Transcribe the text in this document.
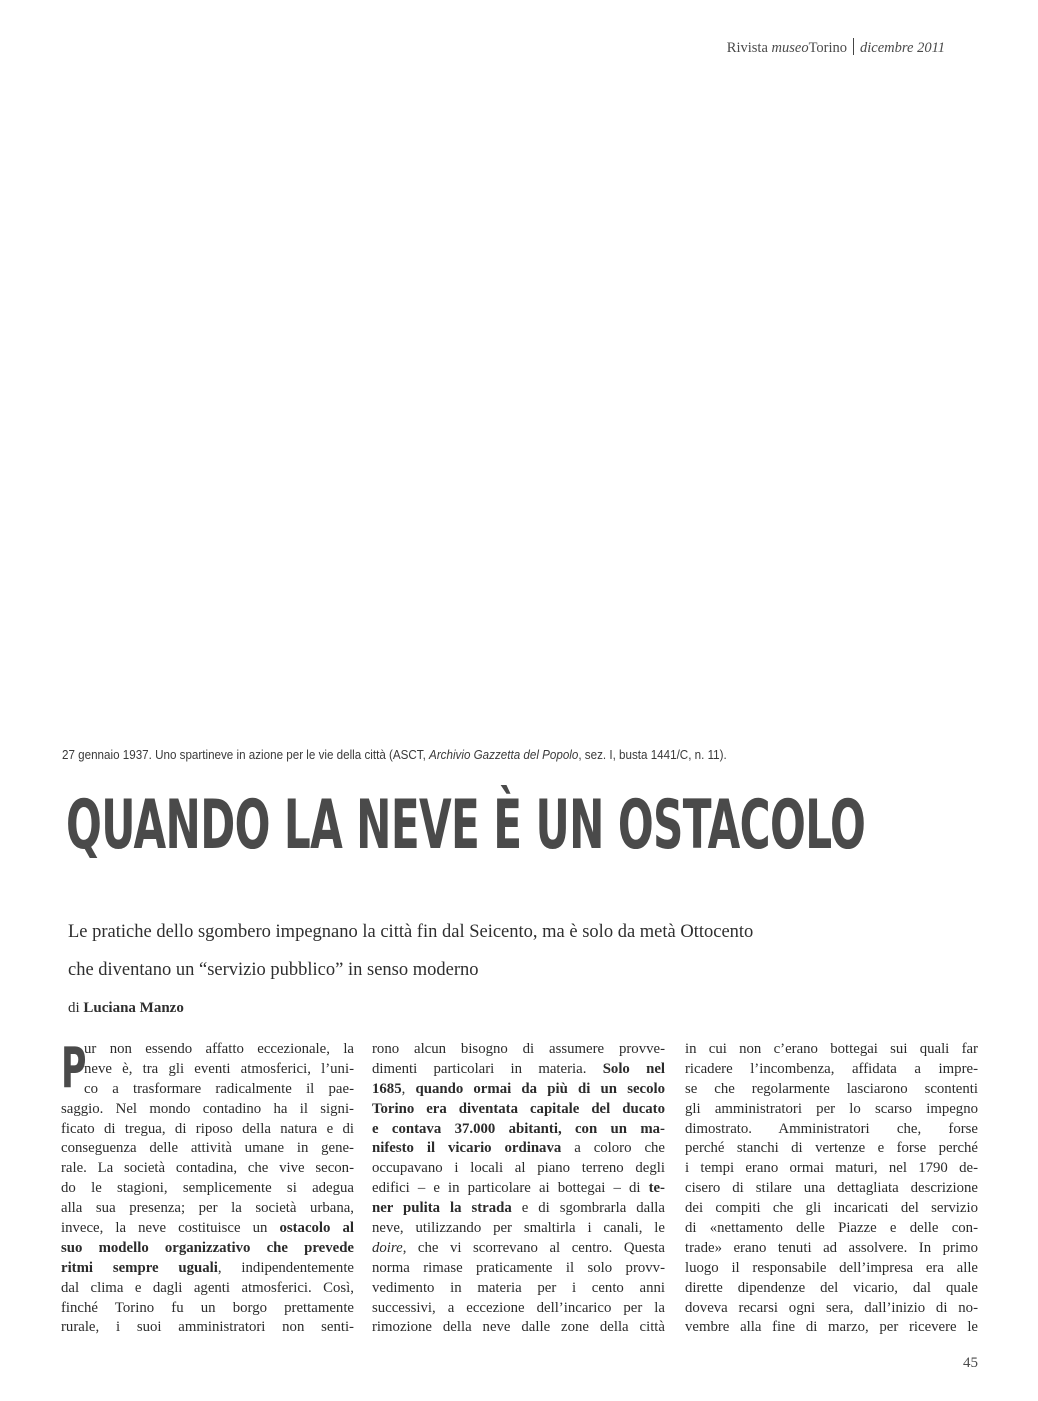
Rivista museoTorino dicembre 2011
27 gennaio 1937. Uno spartineve in azione per le vie della città (ASCT, Archivio Gazzetta del Popolo, sez. I, busta 1441/C, n. 11).
QUANDO LA NEVE È UN OSTACOLO
Le pratiche dello sgombero impegnano la città fin dal Seicento, ma è solo da metà Ottocento
che diventano un “servizio pubblico” in senso moderno
di Luciana Manzo
P
ur non essendo affatto eccezionale, la
neve è, tra gli eventi atmosferici, l’uni-
co a trasformare radicalmente il pae-
saggio. Nel mondo contadino ha il signi-
ficato di tregua, di riposo della natura e di
conseguenza delle attività umane in gene-
rale. La società contadina, che vive secon-
do le stagioni, semplicemente si adegua
alla sua presenza; per la società urbana,
invece, la neve costituisce un ostacolo al
suo modello organizzativo che prevede
ritmi sempre uguali, indipendentemente
dal clima e dagli agenti atmosferici. Così,
finché Torino fu un borgo prettamente
rurale, i suoi amministratori non senti-
rono alcun bisogno di assumere provve-
dimenti particolari in materia. Solo nel
1685, quando ormai da più di un secolo
Torino era diventata capitale del ducato
e contava 37.000 abitanti, con un ma-
nifesto il vicario ordinava a coloro che
occupavano i locali al piano terreno degli
edifici – e in particolare ai bottegai – di te-
ner pulita la strada e di sgombrarla dalla
neve, utilizzando per smaltirla i canali, le
doire, che vi scorrevano al centro. Questa
norma rimase praticamente il solo provv-
vedimento in materia per i cento anni
successivi, a eccezione dell’incarico per la
rimozione della neve dalle zone della città
in cui non c’erano bottegai sui quali far
ricadere l’incombenza, affidata a impre-
se che regolarmente lasciarono scontenti
gli amministratori per lo scarso impegno
dimostrato. Amministratori che, forse
perché stanchi di vertenze e forse perché
i tempi erano ormai maturi, nel 1790 de-
cisero di stilare una dettagliata descrizione
dei compiti che gli incaricati del servizio
di «nettamento delle Piazze e delle con-
trade» erano tenuti ad assolvere. In primo
luogo il responsabile dell’impresa era alle
dirette dipendenze del vicario, dal quale
doveva recarsi ogni sera, dall’inizio di no-
vembre alla fine di marzo, per ricevere le
45
